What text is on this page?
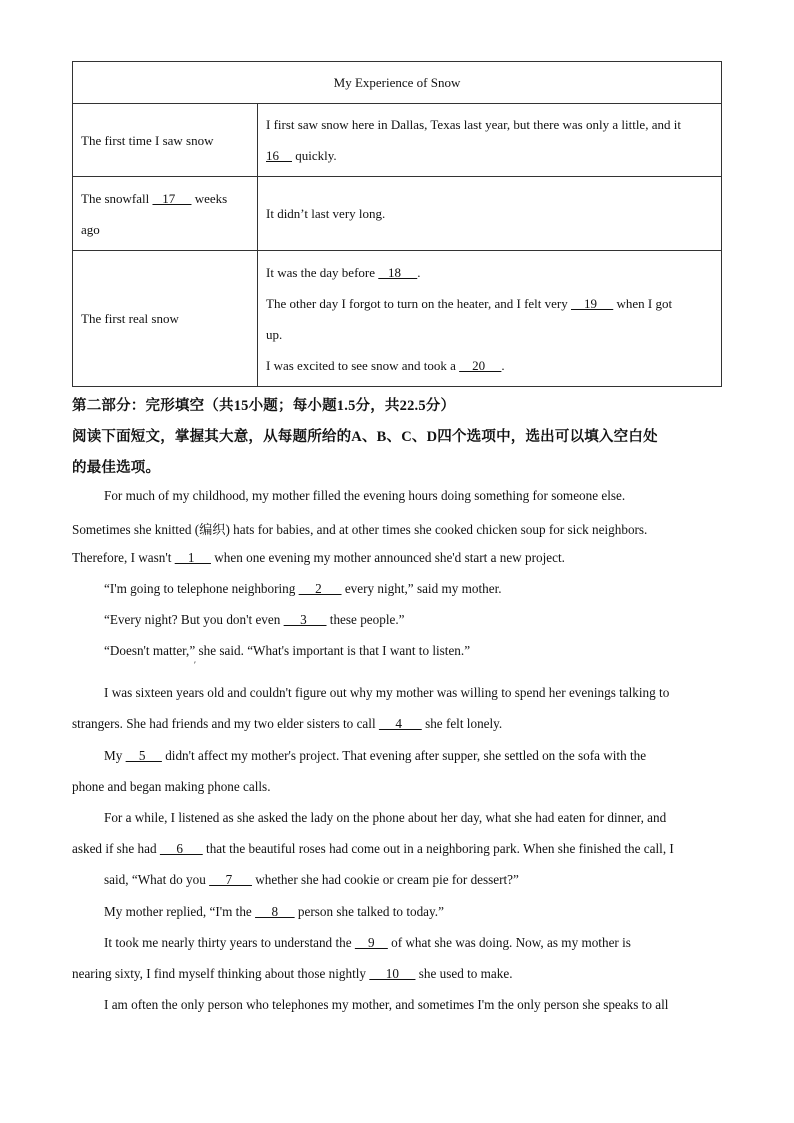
My Experience of Snow	
The first time I saw snow	I first saw snow here in Dallas, Texas last year, but there was only a little, and it
16     quickly.

The snowfall    17      weeks
ago	It didn’t last very long.
The first real snow	It was the day before    18     .
The other day I forgot to turn on the heater, and I felt very     19      when I got
up.
I was excited to see snow and took a     20     .
第二部分：完形填空（共15小题；每小题1.5分，共22.5分）
阅读下面短文，掌握其大意，从每题所给的A、B、C、D四个选项中，选出可以填入空白处
的最佳选项。
For much of my childhood, my mother filled the evening hours doing something for someone else.
Sometimes she knitted (编织) hats for babies, and at other times she cooked chicken soup for sick neighbors.
Therefore, I wasn't     1      when one evening my mother announced she'd start a new project.
“I'm going to telephone neighboring      2       every night,” said my mother.
“Every night? But you don't even      3       these people.”
“Doesn't matter,” she said. “What's important is that I want to listen.”
I was sixteen years old and couldn't figure out why my mother was willing to spend her evenings talking to
strangers. She had friends and my two elder sisters to call      4       she felt lonely.
My     5      didn't affect my mother's project. That evening after supper, she settled on the sofa with the
phone and began making phone calls.
For a while, I listened as she asked the lady on the phone about her day, what she had eaten for dinner, and
asked if she had      6       that the beautiful roses had come out in a neighboring park. When she finished the call, I
said, “What do you      7       whether she had cookie or cream pie for dessert?”
My mother replied, “I'm the      8      person she talked to today.”
It took me nearly thirty years to understand the     9     of what she was doing. Now, as my mother is
nearing sixty, I find myself thinking about those nightly      10      she used to make.
I am often the only person who telephones my mother, and sometimes I'm the only person she speaks to all
′
